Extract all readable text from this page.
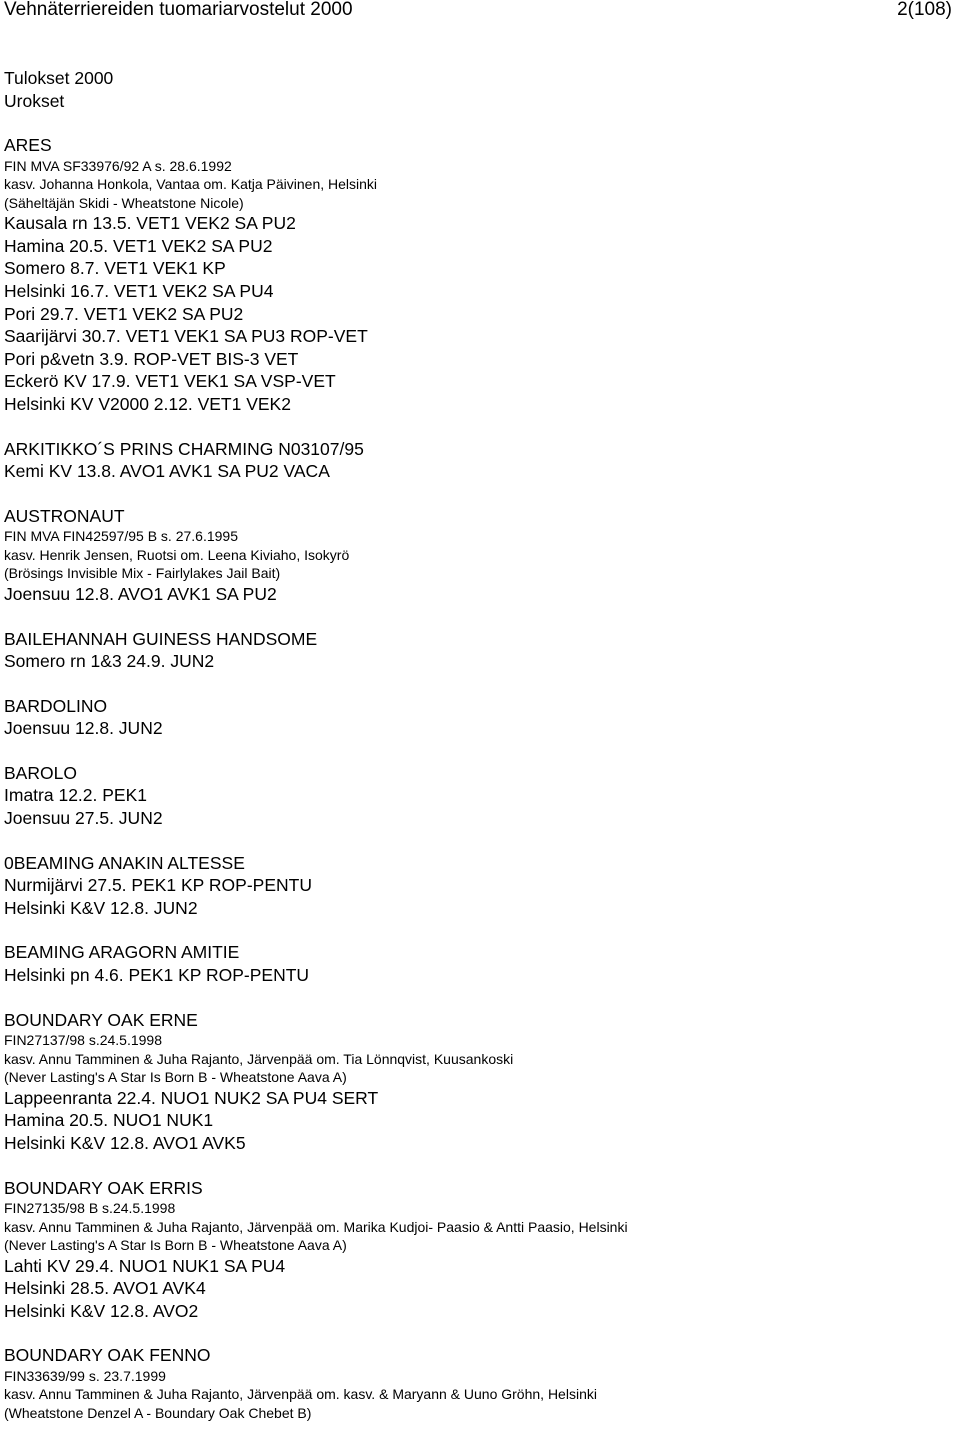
Vehnäterriereiden tuomariarvostelut 2000	2(108)
Tulokset 2000
Urokset
ARES
FIN MVA SF33976/92 A s. 28.6.1992
kasv. Johanna Honkola, Vantaa om. Katja Päivinen, Helsinki
(Säheltäjän Skidi - Wheatstone Nicole)
Kausala rn 13.5. VET1 VEK2 SA PU2
Hamina 20.5. VET1 VEK2 SA PU2
Somero 8.7. VET1 VEK1 KP
Helsinki 16.7. VET1 VEK2 SA PU4
Pori 29.7. VET1 VEK2 SA PU2
Saarijärvi 30.7. VET1 VEK1 SA PU3 ROP-VET
Pori p&vetn 3.9. ROP-VET BIS-3 VET
Eckerö KV 17.9. VET1 VEK1 SA VSP-VET
Helsinki KV V2000 2.12. VET1 VEK2
ARKITIKKO´S PRINS CHARMING N03107/95
Kemi KV 13.8. AVO1 AVK1 SA PU2 VACA
AUSTRONAUT
FIN MVA FIN42597/95 B s. 27.6.1995
kasv. Henrik Jensen, Ruotsi om. Leena Kiviaho, Isokyrö
(Brösings Invisible Mix - Fairlylakes Jail Bait)
Joensuu 12.8. AVO1 AVK1 SA PU2
BAILEHANNAH GUINESS HANDSOME
Somero rn 1&3 24.9. JUN2
BARDOLINO
Joensuu 12.8. JUN2
BAROLO
Imatra 12.2. PEK1
Joensuu 27.5. JUN2
0BEAMING ANAKIN ALTESSE
Nurmijärvi 27.5. PEK1 KP ROP-PENTU
Helsinki K&V 12.8. JUN2
BEAMING ARAGORN AMITIE
Helsinki pn 4.6. PEK1 KP ROP-PENTU
BOUNDARY OAK ERNE
FIN27137/98 s.24.5.1998
kasv. Annu Tamminen & Juha Rajanto, Järvenpää om. Tia Lönnqvist, Kuusankoski
(Never Lasting's A Star Is Born B - Wheatstone Aava A)
Lappeenranta 22.4. NUO1 NUK2 SA PU4 SERT
Hamina 20.5. NUO1 NUK1
Helsinki K&V 12.8. AVO1 AVK5
BOUNDARY OAK ERRIS
FIN27135/98 B s.24.5.1998
kasv. Annu Tamminen & Juha Rajanto, Järvenpää om. Marika Kudjoi- Paasio & Antti Paasio, Helsinki
(Never Lasting's A Star Is Born B - Wheatstone Aava A)
Lahti KV 29.4. NUO1 NUK1 SA PU4
Helsinki 28.5. AVO1 AVK4
Helsinki K&V 12.8. AVO2
BOUNDARY OAK FENNO
FIN33639/99 s. 23.7.1999
kasv. Annu Tamminen & Juha Rajanto, Järvenpää om. kasv. & Maryann & Uuno Gröhn, Helsinki
(Wheatstone Denzel A - Boundary Oak Chebet B)
